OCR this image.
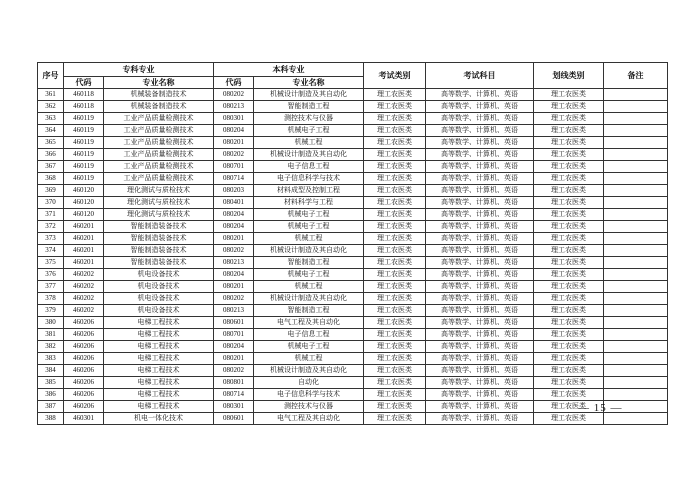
序号	专科专业		本科专业		考试类别	考试科目	划线类别	备注
	代码	专业名称	代码	专业名称				
361	460118	机械装备制造技术	080202	机械设计制造及其自动化	理工农医类	高等数学、计算机、英语	理工农医类	
362	460118	机械装备制造技术	080213	智能制造工程	理工农医类	高等数学、计算机、英语	理工农医类	
363	460119	工业产品质量检测技术	080301	测控技术与仪器	理工农医类	高等数学、计算机、英语	理工农医类	
364	460119	工业产品质量检测技术	080204	机械电子工程	理工农医类	高等数学、计算机、英语	理工农医类	
365	460119	工业产品质量检测技术	080201	机械工程	理工农医类	高等数学、计算机、英语	理工农医类	
366	460119	工业产品质量检测技术	080202	机械设计制造及其自动化	理工农医类	高等数学、计算机、英语	理工农医类	
367	460119	工业产品质量检测技术	080701	电子信息工程	理工农医类	高等数学、计算机、英语	理工农医类	
368	460119	工业产品质量检测技术	080714	电子信息科学与技术	理工农医类	高等数学、计算机、英语	理工农医类	
369	460120	理化测试与质检技术	080203	材料成型及控制工程	理工农医类	高等数学、计算机、英语	理工农医类	
370	460120	理化测试与质检技术	080401	材料科学与工程	理工农医类	高等数学、计算机、英语	理工农医类	
371	460120	理化测试与质检技术	080204	机械电子工程	理工农医类	高等数学、计算机、英语	理工农医类	
372	460201	智能制造装备技术	080204	机械电子工程	理工农医类	高等数学、计算机、英语	理工农医类	
373	460201	智能制造装备技术	080201	机械工程	理工农医类	高等数学、计算机、英语	理工农医类	
374	460201	智能制造装备技术	080202	机械设计制造及其自动化	理工农医类	高等数学、计算机、英语	理工农医类	
375	460201	智能制造装备技术	080213	智能制造工程	理工农医类	高等数学、计算机、英语	理工农医类	
376	460202	机电设备技术	080204	机械电子工程	理工农医类	高等数学、计算机、英语	理工农医类	
377	460202	机电设备技术	080201	机械工程	理工农医类	高等数学、计算机、英语	理工农医类	
378	460202	机电设备技术	080202	机械设计制造及其自动化	理工农医类	高等数学、计算机、英语	理工农医类	
379	460202	机电设备技术	080213	智能制造工程	理工农医类	高等数学、计算机、英语	理工农医类	
380	460206	电梯工程技术	080601	电气工程及其自动化	理工农医类	高等数学、计算机、英语	理工农医类	
381	460206	电梯工程技术	080701	电子信息工程	理工农医类	高等数学、计算机、英语	理工农医类	
382	460206	电梯工程技术	080204	机械电子工程	理工农医类	高等数学、计算机、英语	理工农医类	
383	460206	电梯工程技术	080201	机械工程	理工农医类	高等数学、计算机、英语	理工农医类	
384	460206	电梯工程技术	080202	机械设计制造及其自动化	理工农医类	高等数学、计算机、英语	理工农医类	
385	460206	电梯工程技术	080801	自动化	理工农医类	高等数学、计算机、英语	理工农医类	
386	460206	电梯工程技术	080714	电子信息科学与技术	理工农医类	高等数学、计算机、英语	理工农医类	
387	460206	电梯工程技术	080301	测控技术与仪器	理工农医类	高等数学、计算机、英语	理工农医类	
388	460301	机电一体化技术	080601	电气工程及其自动化	理工农医类	高等数学、计算机、英语	理工农医类	
— 15 —
